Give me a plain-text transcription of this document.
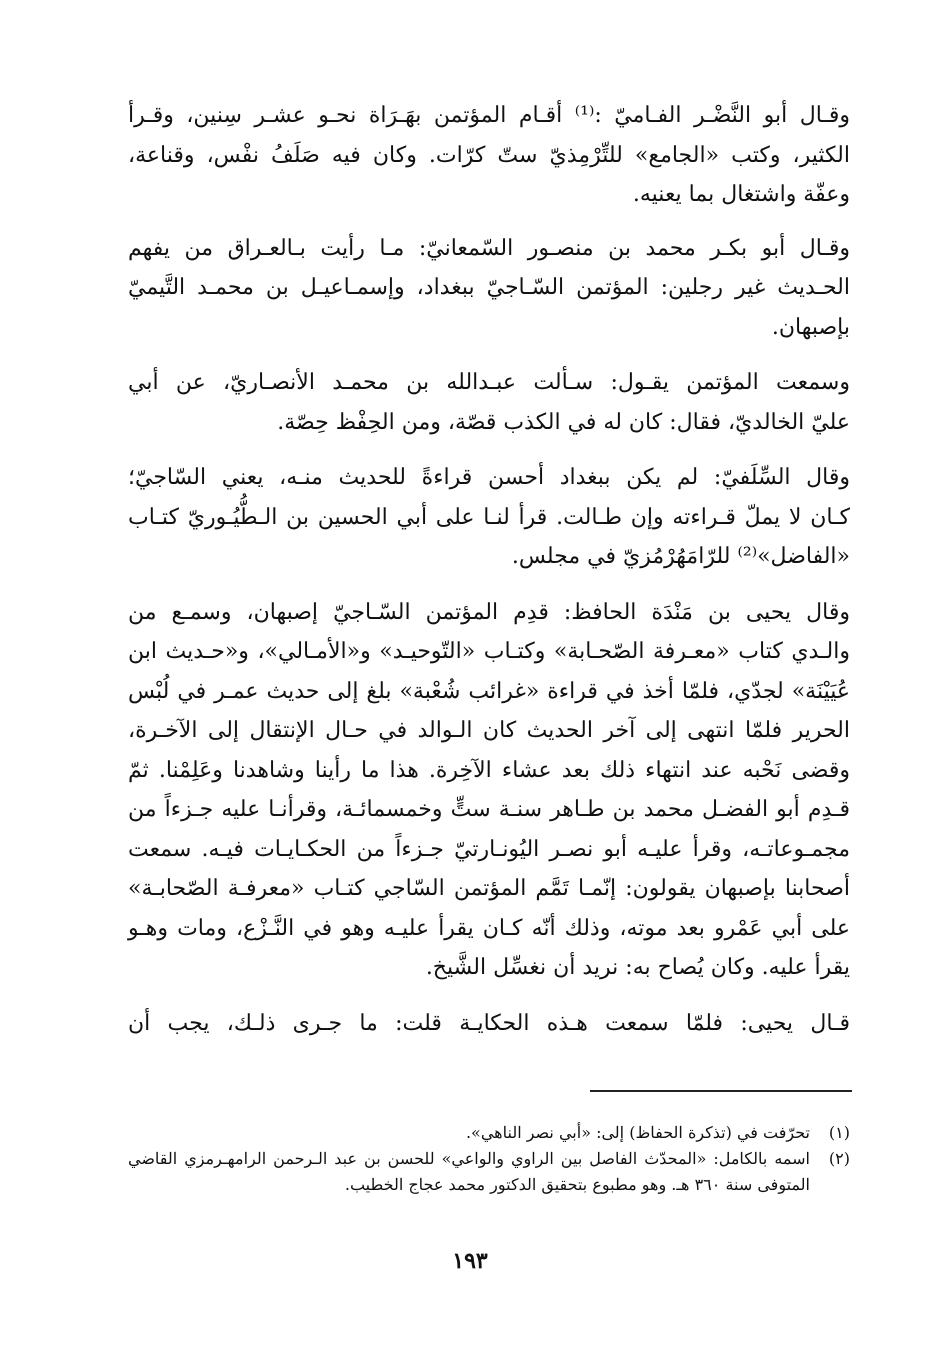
وقـال أبو النَّضْـر الفـاميّ :⁽¹⁾ أقـام المؤتمن بهَـرَاة نحـو عشـر سِنين، وقـرأ
الكثير، وكتب «الجامع» للتِّرْمِذيّ ستّ كرّات. وكان فيه صَلَفُ نفْس، وقناعة،
وعفّة واشتغال بما يعنيه.

وقـال أبو بكـر محمد بن منصـور السّمعانيّ: مـا رأيت بـالعـراق من يفهم
الحـديث غير رجلين: المؤتمن السّـاجيّ ببغداد، وإسمـاعيـل بن محمـد التَّيميّ
بإصبهان.

وسمعت المؤتمن يقـول: سـألت عبـدالله بن محمـد الأنصـاريّ، عن أبي
عليّ الخالديّ، فقال: كان له في الكذب قصّة، ومن الحِفْظ حِصّة.

وقال السِّلَفيّ: لم يكن ببغداد أحسن قراءةً للحديث منـه، يعني السّاجيّ؛
كـان لا يملّ قـراءته وإن طـالت. قرأ لنـا على أبي الحسين بن الـطُّيُـوريّ كتـاب
«الفاضل»⁽²⁾ للرّامَهُرْمُزيّ في مجلس.

وقال يحيى بن مَنْدَة الحافظ: قدِم المؤتمن السّـاجيّ إصبهان، وسمـع من
والـدي كتاب «معـرفة الصّحـابة» وكتـاب «التّوحيـد» و«الأمـالي»، و«حـديث ابن
عُيَيْنَة» لجدّي، فلمّا أخذ في قراءة «غرائب شُعْبة» بلغ إلى حديث عمـر في لُبْس
الحرير فلمّا انتهى إلى آخر الحديث كان الـوالد في حـال الإنتقال إلى الآخـرة،
وقضى نَحْبه عند انتهاء ذلك بعد عشاء الآخِرة. هذا ما رأينا وشاهدنا وعَلِمْنا. ثمّ
قـدِم أبو الفضـل محمد بن طـاهر سنـة ستٍّ وخمسمائـة، وقرأنـا عليه جـزءاً من
مجمـوعاتـه، وقرأ عليـه أبو نصـر اليُونـارتيّ جـزءاً من الحكـايـات فيـه. سمعت
أصحابنا بإصبهان يقولون: إنّمـا تَمَّم المؤتمن السّاجي كتـاب «معرفـة الصّحابـة»
على أبي عَمْرو بعد موته، وذلك أنّه كـان يقرأ عليـه وهو في النَّـزْع، ومات وهـو
يقرأ عليه. وكان يُصاح به: نريد أن نغسِّل الشَّيخ.

قـال يحيى: فلمّا سمعت هـذه الحكايـة قلت: ما جـرى ذلـك، يجب أن

(١)
تحرّفت في (تذكرة الحفاظ) إلى: «أبي نصر الناهي».
(٢)
اسمه بالكامل: «المحدّث الفاصل بين الراوي والواعي» للحسن بن عبد الـرحمن الرامهـرمزي القاضي المتوفى سنة ٣٦٠ هـ. وهو مطبوع بتحقيق الدكتور محمد عجاج الخطيب.
١٩٣
